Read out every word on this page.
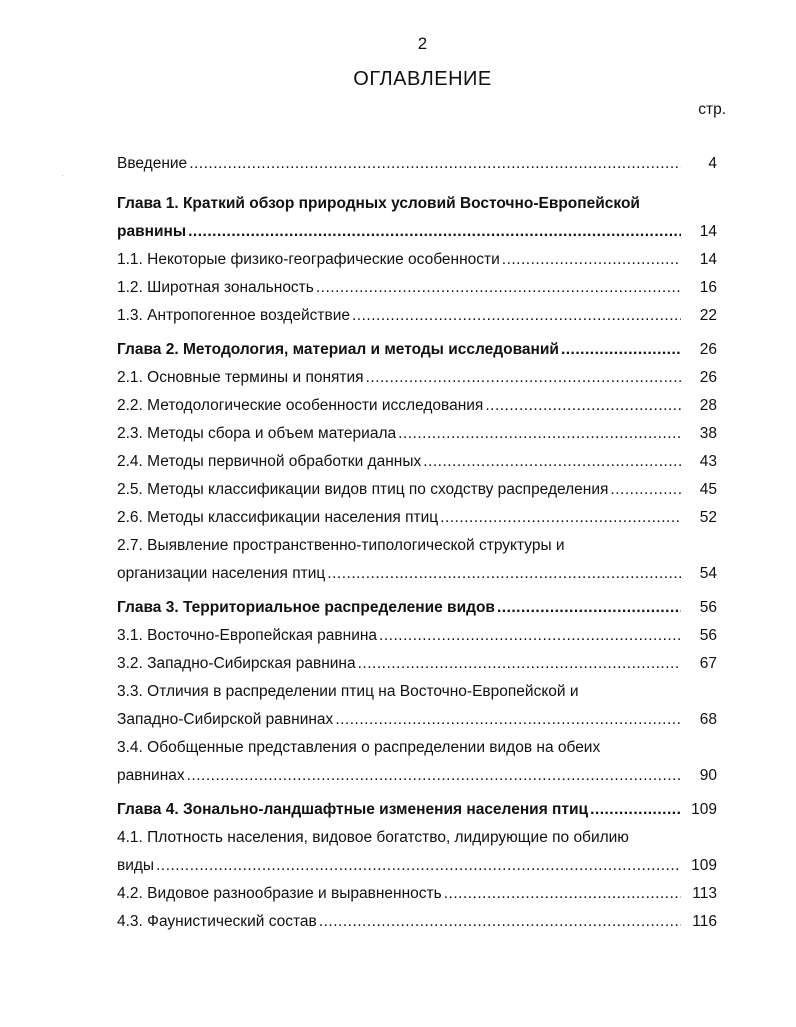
2
ОГЛАВЛЕНИЕ
стр.
Введение .....	4
Глава 1. Краткий обзор природных условий Восточно-Европейской
равнины .....	14
1.1. Некоторые физико-географические особенности .....	14
1.2. Широтная зональность .....	16
1.3. Антропогенное воздействие .....	22
Глава 2. Методология, материал и методы исследований .....	26
2.1. Основные термины и понятия .....	26
2.2. Методологические особенности исследования .....	28
2.3. Методы сбора и объем материала .....	38
2.4. Методы первичной обработки данных .....	43
2.5. Методы классификации видов птиц по сходству распределения .....	45
2.6. Методы классификации населения птиц .....	52
2.7. Выявление пространственно-типологической структуры и
организации населения птиц .....	54
Глава 3. Территориальное распределение видов .....	56
3.1. Восточно-Европейская равнина .....	56
3.2. Западно-Сибирская равнина .....	67
3.3. Отличия в распределении птиц на Восточно-Европейской и
Западно-Сибирской равнинах .....	68
3.4. Обобщенные представления о распределении видов на обеих
равнинах .....	90
Глава 4. Зонально-ландшафтные изменения населения птиц .....	109
4.1. Плотность населения, видовое богатство, лидирующие по обилию
виды .....	109
4.2. Видовое разнообразие и выравненность .....	113
4.3. Фаунистический состав .....	116
